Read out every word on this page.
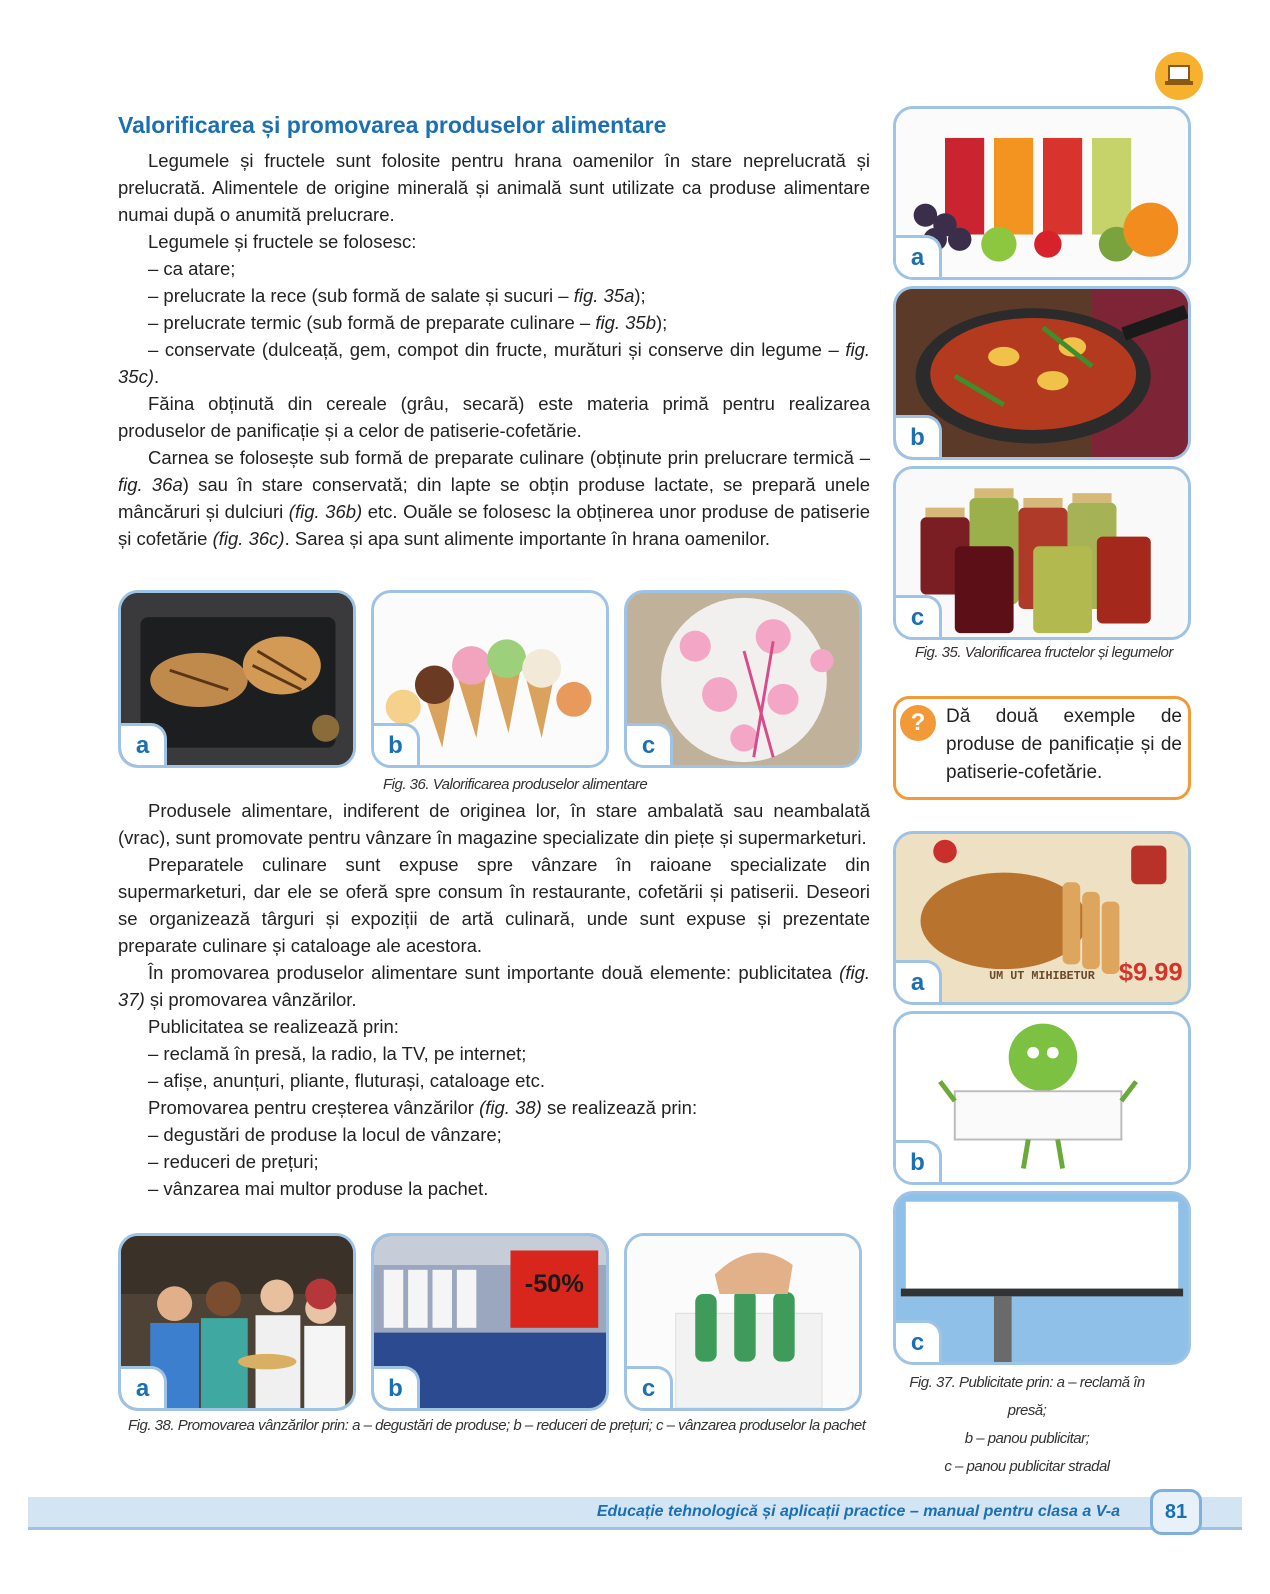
Valorificarea și promovarea produselor alimentare

Legumele și fructele sunt folosite pentru hrana oamenilor în stare neprelucrată și prelucrată. Alimentele de origine minerală și animală sunt utilizate ca produse alimentare numai după o anumită prelucrare.

Legumele și fructele se folosesc:

– ca atare;

– prelucrate la rece (sub formă de salate și sucuri – fig. 35a);

– prelucrate termic (sub formă de preparate culinare – fig. 35b);

– conservate (dulceață, gem, compot din fructe, murături și conserve din legume – fig. 35c).

Făina obținută din cereale (grâu, secară) este materia primă pentru realizarea produselor de panificație și a celor de patiserie-cofetărie.

Carnea se folosește sub formă de preparate culinare (obținute prin prelucrare termică – fig. 36a) sau în stare conservată; din lapte se obțin produse lactate, se prepară unele mâncăruri și dulciuri (fig. 36b) etc. Ouăle se folosesc la obținerea unor produse de patiserie și cofetărie (fig. 36c). Sarea și apa sunt alimente importante în hrana oamenilor.

a	b	c
Fig. 36. Valorificarea produselor alimentare

Produsele alimentare, indiferent de originea lor, în stare ambalată sau neambalată (vrac), sunt promovate pentru vânzare în magazine specializate din piețe și supermarketuri.

Preparatele culinare sunt expuse spre vânzare în raioane specializate din supermarketuri, dar ele se oferă spre consum în restaurante, cofetării și patiserii. Deseori se organizează târguri și expoziții de artă culinară, unde sunt expuse și prezentate preparate culinare și cataloage ale acestora.

În promovarea produselor alimentare sunt importante două elemente: publicitatea (fig. 37) și promovarea vânzărilor.

Publicitatea se realizează prin:

– reclamă în presă, la radio, la TV, pe internet;

– afișe, anunțuri, pliante, fluturași, cataloage etc.

Promovarea pentru creșterea vânzărilor (fig. 38) se realizează prin:

– degustări de produse la locul de vânzare;

– reduceri de prețuri;

– vânzarea mai multor produse la pachet.

a
-50%
b	c
Fig. 38. Promovarea vânzărilor prin: a – degustări de produse; b – reduceri de prețuri; c – vânzarea produselor la pachet
a
b
c
Fig. 35. Valorificarea fructelor și legumelor
?	Dă două exemple de produse de panificație și de patiserie-cofetărie.
$9.99
UM UT MIHIBETUR
a
b
c
Fig. 37. Publicitate prin: a – reclamă în presă;
b – panou publicitar;
c – panou publicitar stradal
Educație tehnologică și aplicații practice – manual pentru clasa a V-a	81
